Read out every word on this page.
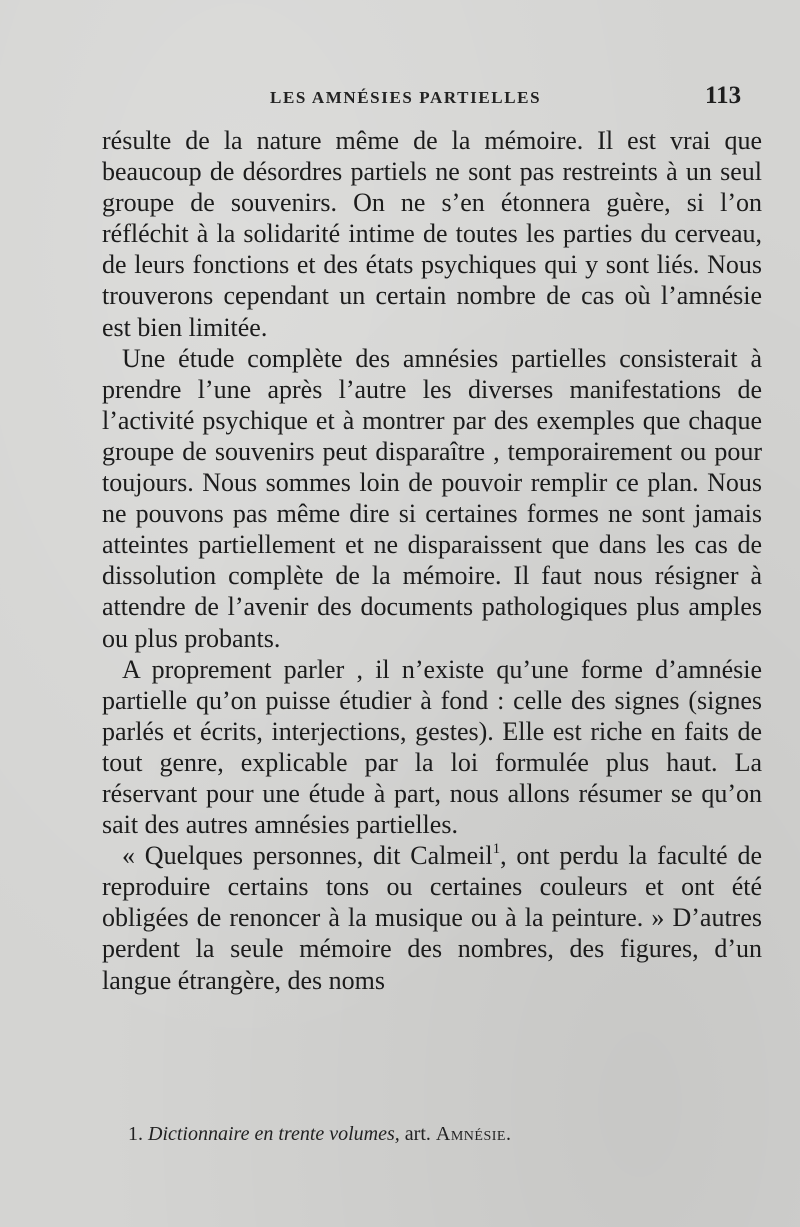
LES AMNÉSIES PARTIELLES	113

résulte de la nature même de la mémoire. Il est vrai que beaucoup de désordres partiels ne sont pas restreints à un seul groupe de souvenirs. On ne s’en étonnera guère, si l’on réfléchit à la solidarité intime de toutes les parties du cerveau, de leurs fonctions et des états psychiques qui y sont liés. Nous trouverons cependant un certain nombre de cas où l’amnésie est bien limitée.

Une étude complète des amnésies partielles consisterait à prendre l’une après l’autre les diverses manifestations de l’activité psychique et à montrer par des exemples que chaque groupe de souvenirs peut disparaître , temporairement ou pour toujours. Nous sommes loin de pouvoir remplir ce plan. Nous ne pouvons pas même dire si certaines formes ne sont jamais atteintes partiellement et ne disparaissent que dans les cas de dissolution complète de la mémoire. Il faut nous résigner à attendre de l’avenir des documents pathologiques plus amples ou plus probants.

A proprement parler , il n’existe qu’une forme d’amnésie partielle qu’on puisse étudier à fond : celle des signes (signes parlés et écrits, interjections, gestes). Elle est riche en faits de tout genre, explicable par la loi formulée plus haut. La réservant pour une étude à part, nous allons résumer se qu’on sait des autres amnésies partielles.

« Quelques personnes, dit Calmeil$^1$, ont perdu la faculté de reproduire certains tons ou certaines couleurs et ont été obligées de renoncer à la musique ou à la peinture. » D’autres perdent la seule mémoire des nombres, des figures, d’un langue étrangère, des noms

1. Dictionnaire en trente volumes, art. Amnésie.
